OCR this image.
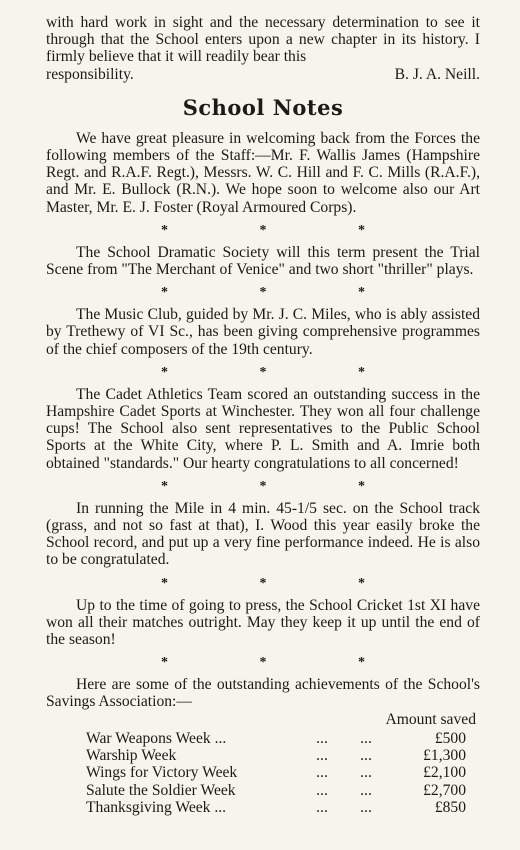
with hard work in sight and the necessary determination to see it through that the School enters upon a new chapter in its history. I firmly believe that it will readily bear this

responsibility.	B. J. A. Neill.
School Notes

We have great pleasure in welcoming back from the Forces the following members of the Staff:—Mr. F. Wallis James (Hampshire Regt. and R.A.F. Regt.), Messrs. W. C. Hill and F. C. Mills (R.A.F.), and Mr. E. Bullock (R.N.). We hope soon to welcome also our Art Master, Mr. E. J. Foster (Royal Armoured Corps).

* * *

The School Dramatic Society will this term present the Trial Scene from "The Merchant of Venice" and two short "thriller" plays.

* * *

The Music Club, guided by Mr. J. C. Miles, who is ably assisted by Trethewy of VI Sc., has been giving comprehensive programmes of the chief composers of the 19th century.

* * *

The Cadet Athletics Team scored an outstanding success in the Hampshire Cadet Sports at Winchester. They won all four challenge cups! The School also sent representatives to the Public School Sports at the White City, where P. L. Smith and A. Imrie both obtained "standards." Our hearty congratulations to all concerned!

* * *

In running the Mile in 4 min. 45-1/5 sec. on the School track (grass, and not so fast at that), I. Wood this year easily broke the School record, and put up a very fine performance indeed. He is also to be congratulated.

* * *

Up to the time of going to press, the School Cricket 1st XI have won all their matches outright. May they keep it up until the end of the season!

* * *

Here are some of the outstanding achievements of the School's Savings Association:—

Amount saved
War Weapons Week ...	...	...	£500
Warship Week	...	...	£1,300
Wings for Victory Week	...	...	£2,100
Salute the Soldier Week	...	...	£2,700
Thanksgiving Week ...	...	...	£850
